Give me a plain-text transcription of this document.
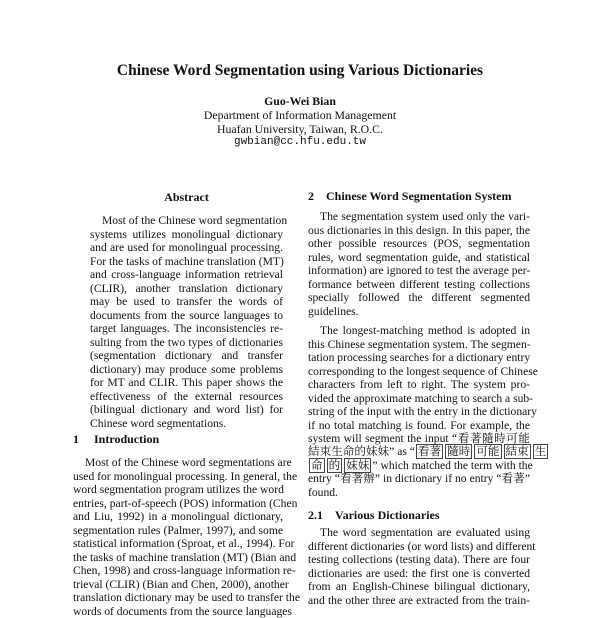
Chinese Word Segmentation using Various Dictionaries
Guo-Wei Bian
Department of Information Management
Huafan University, Taiwan, R.O.C.
gwbian@cc.hfu.edu.tw
Abstract
Most of the Chinese word segmentation
systems utilizes monolingual dictionary
and are used for monolingual processing.
For the tasks of machine translation (MT)
and cross-language information retrieval
(CLIR), another translation dictionary
may be used to transfer the words of
documents from the source languages to
target languages. The inconsistencies re-
sulting from the two types of dictionaries
(segmentation dictionary and transfer
dictionary) may produce some problems
for MT and CLIR. This paper shows the
effectiveness of the external resources
(bilingual dictionary and word list) for
Chinese word segmentations.
1     Introduction
Most of the Chinese word segmentations are
used for monolingual processing. In general, the
word segmentation program utilizes the word
entries, part-of-speech (POS) information (Chen
and Liu, 1992) in a monolingual dictionary,
segmentation rules (Palmer, 1997), and some
statistical information (Sproat, et al., 1994). For
the tasks of machine translation (MT) (Bian and
Chen, 1998) and cross-language information re-
trieval (CLIR) (Bian and Chen, 2000), another
translation dictionary may be used to transfer the
words of documents from the source languages
2    Chinese Word Segmentation System
The segmentation system used only the vari-
ous dictionaries in this design. In this paper, the
other possible resources (POS, segmentation
rules, word segmentation guide, and statistical
information) are ignored to test the average per-
formance between different testing collections
specially followed the different segmented
guidelines.
The longest-matching method is adopted in
this Chinese segmentation system. The segmen-
tation processing searches for a dictionary entry
corresponding to the longest sequence of Chinese
characters from left to right. The system pro-
vided the approximate matching to search a sub-
string of the input with the entry in the dictionary
if no total matching is found. For example, the
system will segment the input “看著隨時可能
結束生命的妹妹” as “ 看著 隨時 可能 結束 生
命 的 妹妹 ” which matched the term with the
entry “看著辦” in dictionary if no entry “看著”
found.
2.1    Various Dictionaries
The word segmentation are evaluated using
different dictionaries (or word lists) and different
testing collections (testing data). There are four
dictionaries are used: the first one is converted
from an English-Chinese bilingual dictionary,
and the other three are extracted from the train-
